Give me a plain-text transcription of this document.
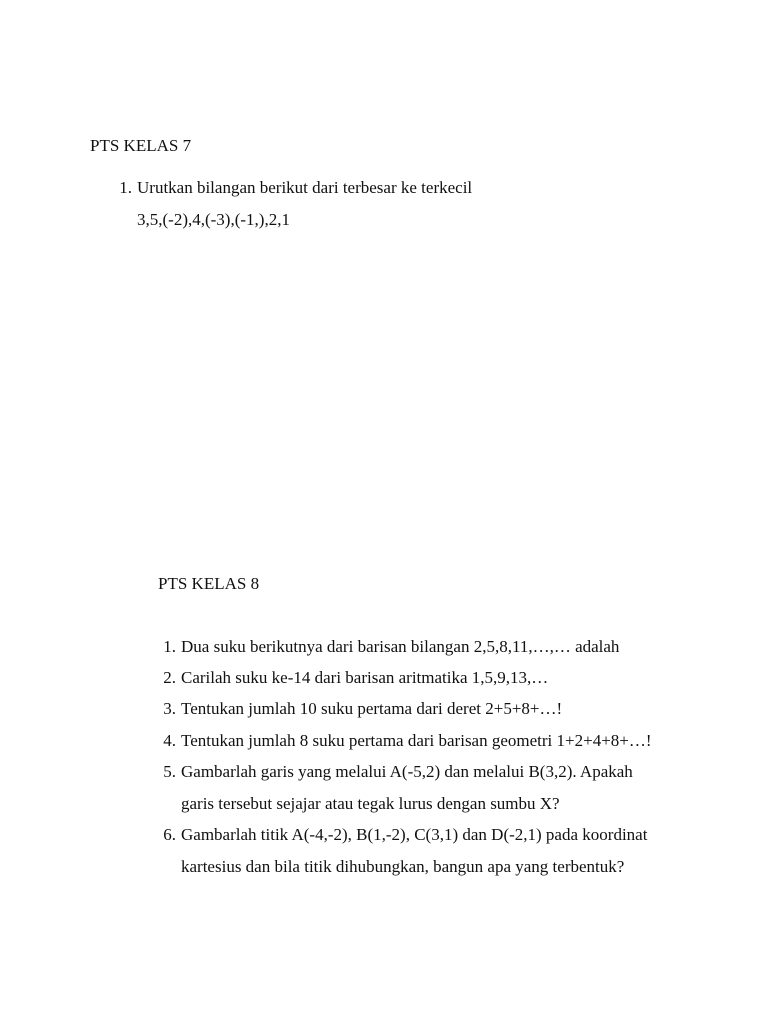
PTS KELAS 7
1. Urutkan bilangan berikut dari terbesar ke terkecil
3,5,(-2),4,(-3),(-1,),2,1
PTS KELAS 8
1. Dua suku berikutnya dari barisan bilangan 2,5,8,11,…,… adalah
2. Carilah suku ke-14 dari barisan aritmatika 1,5,9,13,…
3. Tentukan jumlah 10 suku pertama dari deret 2+5+8+…!
4. Tentukan jumlah 8 suku pertama dari barisan geometri 1+2+4+8+…!
5. Gambarlah garis yang melalui A(-5,2) dan melalui B(3,2). Apakah
garis tersebut sejajar atau tegak lurus dengan sumbu X?
6. Gambarlah titik A(-4,-2), B(1,-2), C(3,1) dan D(-2,1) pada koordinat
kartesius dan bila titik dihubungkan, bangun apa yang terbentuk?
